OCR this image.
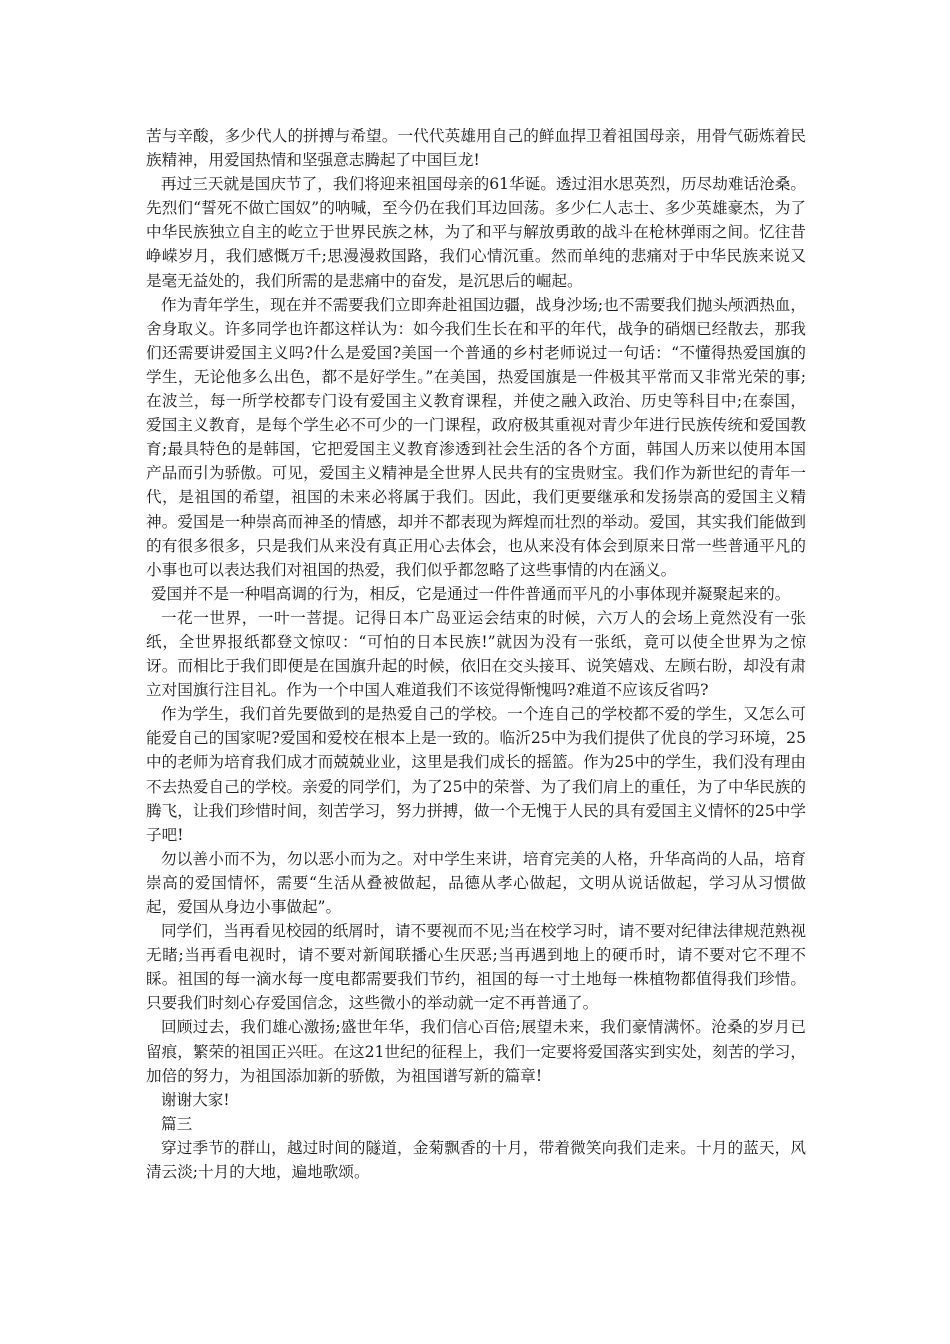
苦与辛酸，多少代人的拼搏与希望。一代代英雄用自己的鲜血捍卫着祖国母亲，用骨气砺炼着民族精神，用爱国热情和坚强意志腾起了中国巨龙!

再过三天就是国庆节了，我们将迎来祖国母亲的61华诞。透过泪水思英烈，历尽劫难话沧桑。先烈们“誓死不做亡国奴”的呐喊，至今仍在我们耳边回荡。多少仁人志士、多少英雄豪杰，为了中华民族独立自主的屹立于世界民族之林，为了和平与解放勇敢的战斗在枪林弹雨之间。忆往昔峥嵘岁月，我们感慨万千;思漫漫救国路，我们心情沉重。然而单纯的悲痛对于中华民族来说又是毫无益处的，我们所需的是悲痛中的奋发，是沉思后的崛起。

作为青年学生，现在并不需要我们立即奔赴祖国边疆，战身沙场;也不需要我们抛头颅洒热血，舍身取义。许多同学也许都这样认为：如今我们生长在和平的年代，战争的硝烟已经散去，那我们还需要讲爱国主义吗?什么是爱国?美国一个普通的乡村老师说过一句话：“不懂得热爱国旗的学生，无论他多么出色，都不是好学生。”在美国，热爱国旗是一件极其平常而又非常光荣的事;在波兰，每一所学校都专门设有爱国主义教育课程，并使之融入政治、历史等科目中;在泰国，爱国主义教育，是每个学生必不可少的一门课程，政府极其重视对青少年进行民族传统和爱国教育;最具特色的是韩国，它把爱国主义教育渗透到社会生活的各个方面，韩国人历来以使用本国产品而引为骄傲。可见，爱国主义精神是全世界人民共有的宝贵财宝。我们作为新世纪的青年一代，是祖国的希望，祖国的未来必将属于我们。因此，我们更要继承和发扬崇高的爱国主义精神。爱国是一种崇高而神圣的情感，却并不都表现为辉煌而壮烈的举动。爱国，其实我们能做到的有很多很多，只是我们从来没有真正用心去体会，也从来没有体会到原来日常一些普通平凡的小事也可以表达我们对祖国的热爱，我们似乎都忽略了这些事情的内在涵义。

爱国并不是一种唱高调的行为，相反，它是通过一件件普通而平凡的小事体现并凝聚起来的。

一花一世界，一叶一菩提。记得日本广岛亚运会结束的时候，六万人的会场上竟然没有一张纸，全世界报纸都登文惊叹：“可怕的日本民族!”就因为没有一张纸，竟可以使全世界为之惊讶。而相比于我们即便是在国旗升起的时候，依旧在交头接耳、说笑嬉戏、左顾右盼，却没有肃立对国旗行注目礼。作为一个中国人难道我们不该觉得惭愧吗?难道不应该反省吗?

作为学生，我们首先要做到的是热爱自己的学校。一个连自己的学校都不爱的学生，又怎么可能爱自己的国家呢?爱国和爱校在根本上是一致的。临沂25中为我们提供了优良的学习环境，25中的老师为培育我们成才而兢兢业业，这里是我们成长的摇篮。作为25中的学生，我们没有理由不去热爱自己的学校。亲爱的同学们，为了25中的荣誉、为了我们肩上的重任，为了中华民族的腾飞，让我们珍惜时间，刻苦学习，努力拼搏，做一个无愧于人民的具有爱国主义情怀的25中学子吧!

勿以善小而不为，勿以恶小而为之。对中学生来讲，培育完美的人格，升华高尚的人品，培育崇高的爱国情怀，需要“生活从叠被做起，品德从孝心做起，文明从说话做起，学习从习惯做起，爱国从身边小事做起”。

同学们，当再看见校园的纸屑时，请不要视而不见;当在校学习时，请不要对纪律法律规范熟视无睹;当再看电视时，请不要对新闻联播心生厌恶;当再遇到地上的硬币时，请不要对它不理不睬。祖国的每一滴水每一度电都需要我们节约，祖国的每一寸土地每一株植物都值得我们珍惜。只要我们时刻心存爱国信念，这些微小的举动就一定不再普通了。

回顾过去，我们雄心激扬;盛世年华，我们信心百倍;展望未来，我们豪情满怀。沧桑的岁月已留痕，繁荣的祖国正兴旺。在这21世纪的征程上，我们一定要将爱国落实到实处，刻苦的学习，加倍的努力，为祖国添加新的骄傲，为祖国谱写新的篇章!

谢谢大家!

篇三

穿过季节的群山，越过时间的隧道，金菊飘香的十月，带着微笑向我们走来。十月的蓝天，风清云淡;十月的大地，遍地歌颂。
